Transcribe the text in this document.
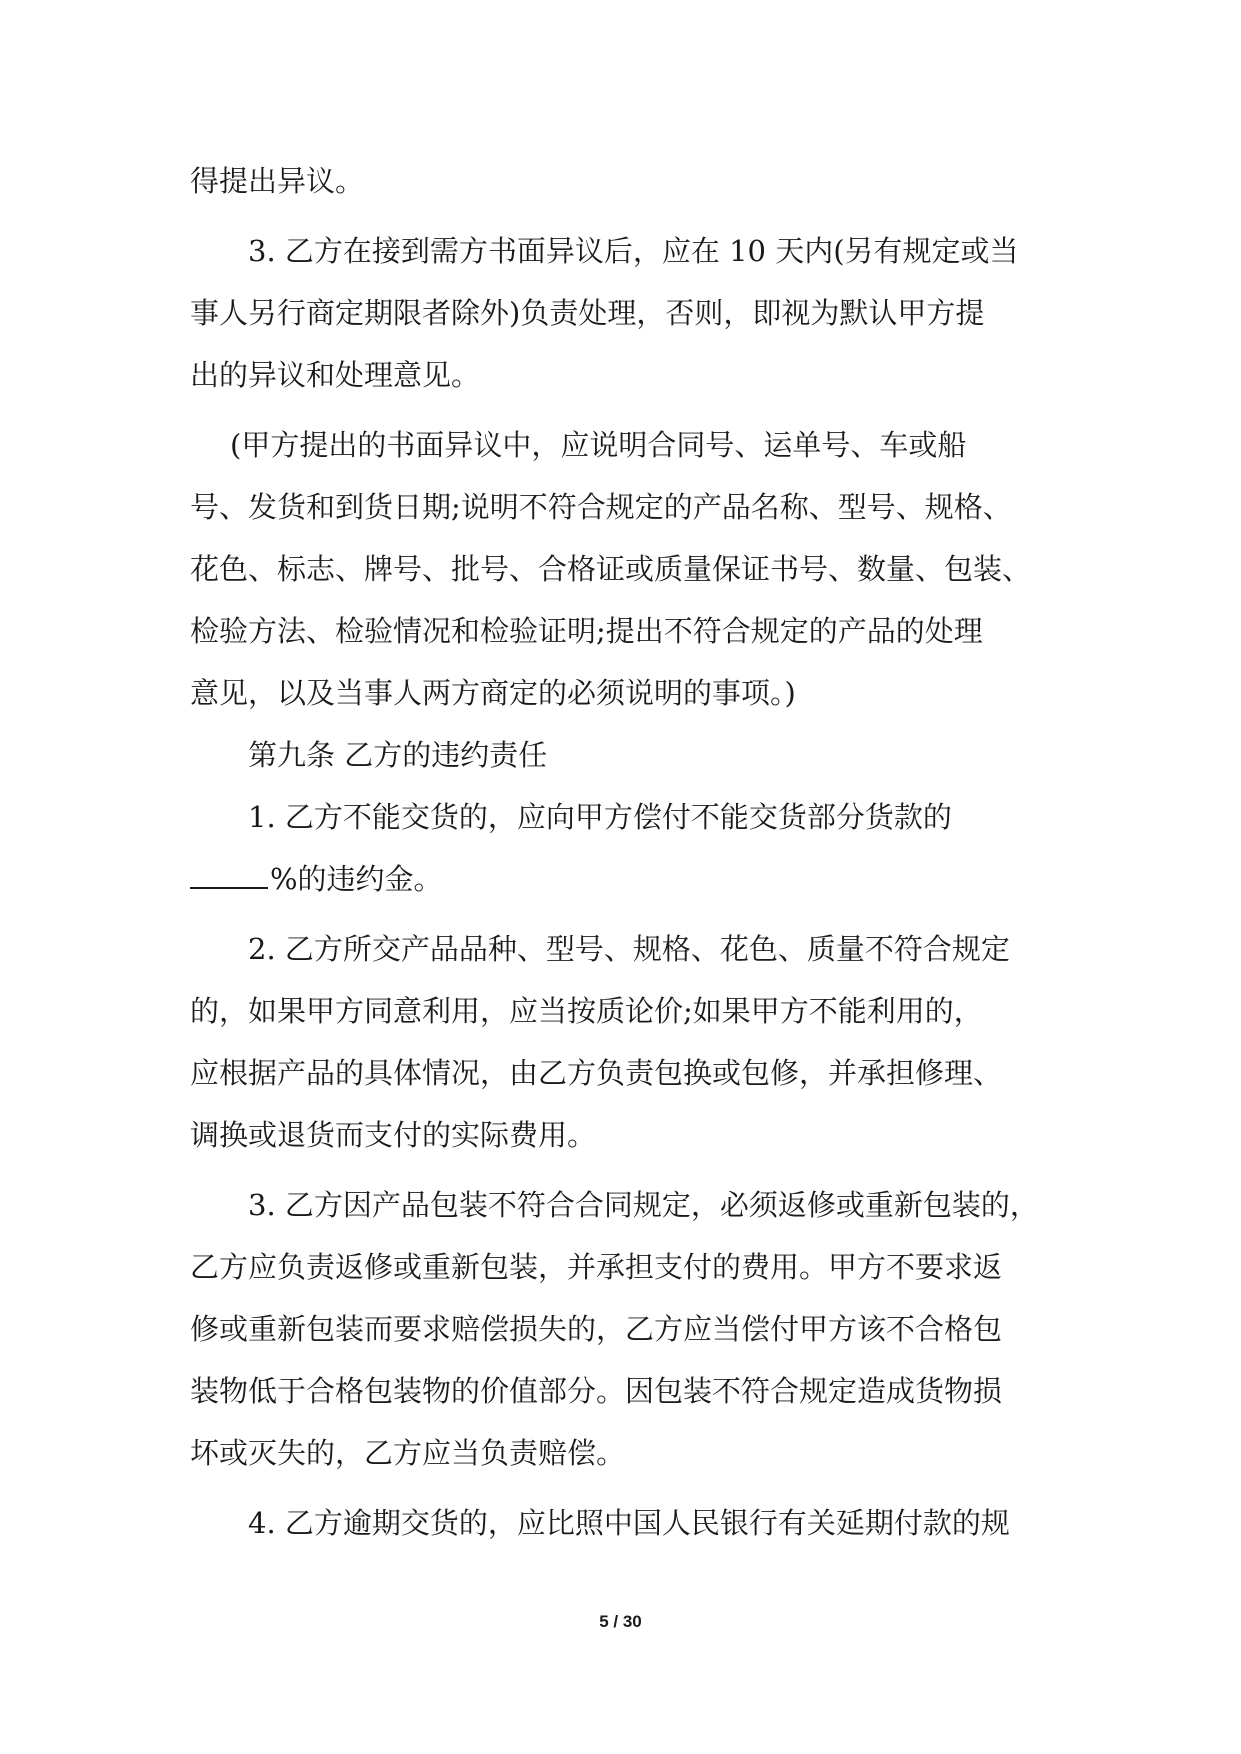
得提出异议。
3. 乙方在接到需方书面异议后，应在 10 天内(另有规定或当
事人另行商定期限者除外)负责处理，否则，即视为默认甲方提
出的异议和处理意见。
(甲方提出的书面异议中，应说明合同号、运单号、车或船
号、发货和到货日期;说明不符合规定的产品名称、型号、规格、
花色、标志、牌号、批号、合格证或质量保证书号、数量、包装、
检验方法、检验情况和检验证明;提出不符合规定的产品的处理
意见，以及当事人两方商定的必须说明的事项。)
第九条 乙方的违约责任
1. 乙方不能交货的，应向甲方偿付不能交货部分货款的
%的违约金。
2. 乙方所交产品品种、型号、规格、花色、质量不符合规定
的，如果甲方同意利用，应当按质论价;如果甲方不能利用的，
应根据产品的具体情况，由乙方负责包换或包修，并承担修理、
调换或退货而支付的实际费用。
3. 乙方因产品包装不符合合同规定，必须返修或重新包装的，
乙方应负责返修或重新包装，并承担支付的费用。甲方不要求返
修或重新包装而要求赔偿损失的，乙方应当偿付甲方该不合格包
装物低于合格包装物的价值部分。因包装不符合规定造成货物损
坏或灭失的，乙方应当负责赔偿。
4. 乙方逾期交货的，应比照中国人民银行有关延期付款的规
5 / 30
